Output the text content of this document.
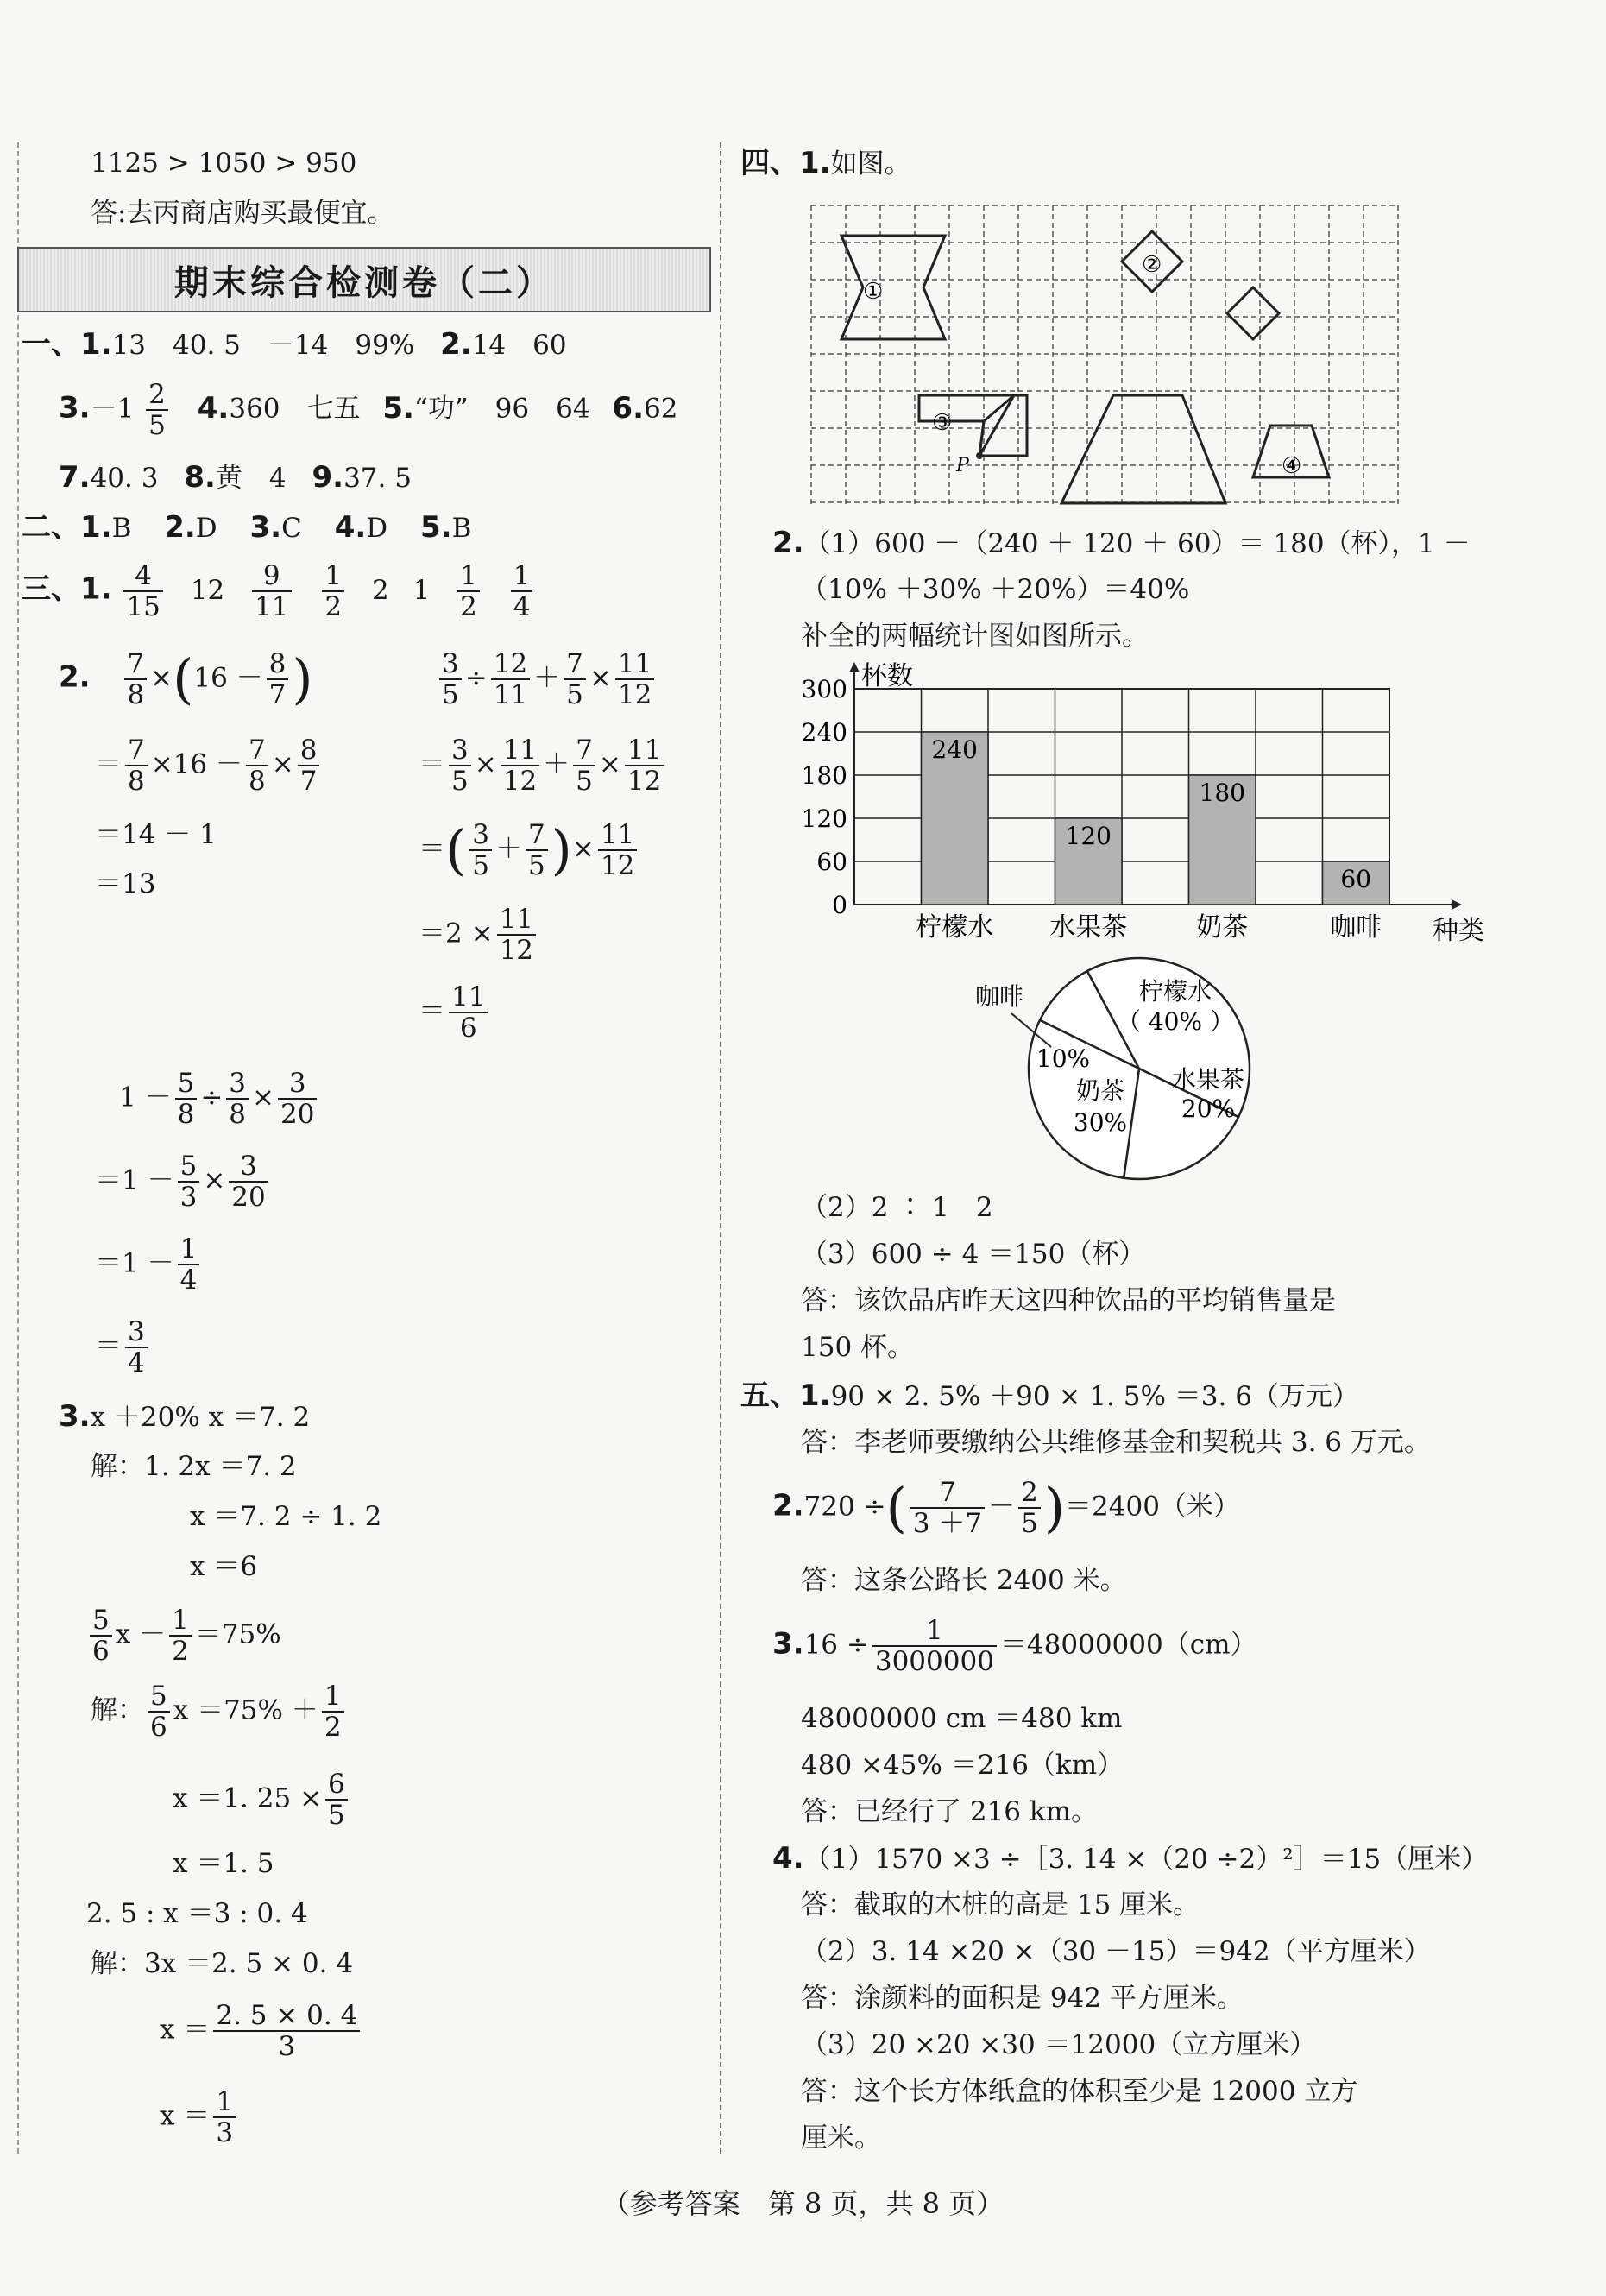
1125 > 1050 > 950
答:去丙商店购买最便宜。
期末综合检测卷（二）
一、1.13　40. 5　－14　99% 2.14　60
$3.-1 \frac{2}{5} 4.360$　七五 5.“功”　96　64 6.62
7.40. 3 8.黄　4 9.37. 5
二、1.B 2.D 3.C 4.D 5.B
三、1. $\frac{4}{15} 12 \frac{9}{11}$
$\frac{1}{2} 2$ $1 \frac{1}{2}$
$\frac{1}{4}$
2. $\frac{7}{8} \times(16 - \frac{8}{7}$ )
＝ $\frac{7}{8} \times 16 - \frac{7}{8} \times \frac{8}{7}$
＝14 － 1
＝13
$\frac{3}{5} \div \frac{12}{11} + \frac{7}{5} \times \frac{11}{12}$
＝ $\frac{3}{5} \times \frac{11}{12} + \frac{7}{5} \times \frac{11}{12}$
＝( $\frac{3}{5} + \frac{7}{5}$ )× $\frac{11}{12}$
$=2 \times \frac{11}{12}$
＝ $\frac{11}{6}$
$1 - \frac{5}{8} \div \frac{3}{8} \times \frac{3}{20}$
$=1 - \frac{5}{3} \times \frac{3}{20}$
$=1 - \frac{1}{4}$
＝ $\frac{3}{4}$
3.x ＋20% x ＝7. 2
解：1. 2x ＝7. 2
x ＝7. 2 ÷ 1. 2
x ＝6
$\frac{5}{6}$ $x - \frac{1}{2} =75\%$
解： $\frac{5}{6}$ $x =75\% + \frac{1}{2}$
x ＝1. $25 \times \frac{6}{5}$
x ＝1. 5
2. 5 : x ＝3 : 0. 4
解：3x ＝2. 5 × 0. 4
$x = \frac{2. 5 \times 0. 4}{3}$
$x = \frac{1}{3}$
四、1.如图。
①
②
③
④
P
2.（1）600 －（240 ＋ 120 ＋ 60）＝ 180（杯），1 －
（10% ＋30% ＋20%）＝40%
补全的两幅统计图如图所示。
杯数
种类
300
240
180
120
60
0
240
柠檬水
120
水果茶
180
奶茶
60
咖啡
柠檬水
（ 40% ）
水果茶
20%
奶茶
30%
10%
咖啡
（2）2 ∶ 1　2
（3）600 ÷ 4 ＝150（杯）
答：该饮品店昨天这四种饮品的平均销售量是
150 杯。
五、1.90 × 2. 5% ＋90 × 1. 5% ＝3. 6（万元）
答：李老师要缴纳公共维修基金和契税共 3. 6 万元。
2.720 ÷( $\frac{7}{3 +7} - \frac{2}{5} )=2400$（米）
答：这条公路长 2400 米。
$3.16 \div \frac{1}{3000000} =48000000(cm)$
48000000 cm ＝480 km
480 ×45% ＝216（km）
答：已经行了 216 km。
4.（1）1570 ×3 ÷［3. 14 ×（20 ÷2）²］＝15（厘米）
答：截取的木桩的高是 15 厘米。
（2）3. 14 ×20 ×（30 －15）＝942（平方厘米）
答：涂颜料的面积是 942 平方厘米。
（3）20 ×20 ×30 ＝12000（立方厘米）
答：这个长方体纸盒的体积至少是 12000 立方
厘米。
（参考答案　第 8 页，共 8 页）
